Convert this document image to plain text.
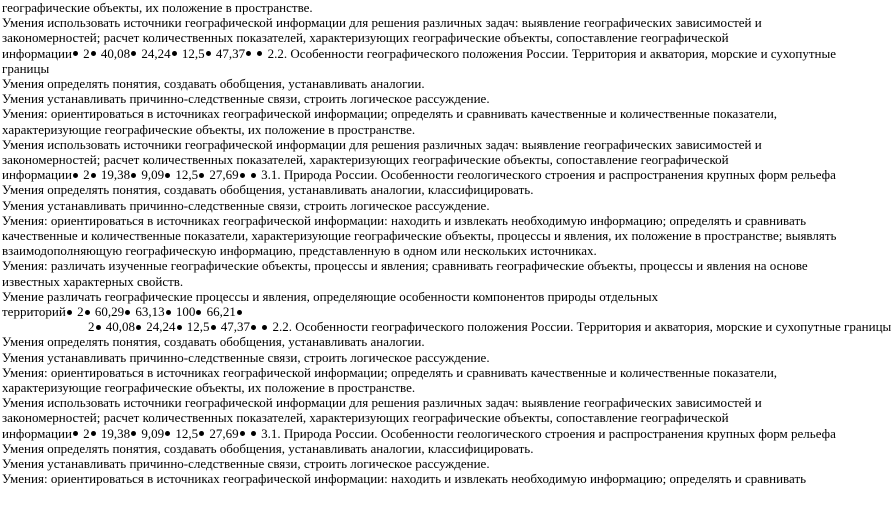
географические объекты, их положение в пространстве.
Умения использовать источники географической информации для решения различных задач: выявление географических зависимостей и
закономерностей; расчет количественных показателей, характеризующих географические объекты, сопоставление географической
информации 2 40,08 24,24 12,5 47,37  2.2. Особенности географического положения России. Территория и акватория, морские и сухопутные
границы
Умения определять понятия, создавать обобщения, устанавливать аналогии.
Умения устанавливать причинно-следственные связи, строить логическое рассуждение.
Умения: ориентироваться в источниках географической информации; определять и сравнивать качественные и количественные показатели,
характеризующие географические объекты, их положение в пространстве.
Умения использовать источники географической информации для решения различных задач: выявление географических зависимостей и
закономерностей; расчет количественных показателей, характеризующих географические объекты, сопоставление географической
информации 2 19,38 9,09 12,5 27,69  3.1. Природа России. Особенности геологического строения и распространения крупных форм рельефа
Умения определять понятия, создавать обобщения, устанавливать аналогии, классифицировать.
Умения устанавливать причинно-следственные связи, строить логическое рассуждение.
Умения: ориентироваться в источниках географической информации: находить и извлекать необходимую информацию; определять и сравнивать
качественные и количественные показатели, характеризующие географические объекты, процессы и явления, их положение в пространстве; выявлять
взаимодополняющую географическую информацию, представленную в одном или нескольких источниках.
Умения: различать изученные географические объекты, процессы и явления; сравнивать географические объекты, процессы и явления на основе
известных характерных свойств.
Умение различать географические процессы и явления, определяющие особенности компонентов природы отдельных
территорий 2 60,29 63,13 100 66,21
2 40,08 24,24 12,5 47,37  2.2. Особенности географического положения России. Территория и акватория, морские и сухопутные границы
Умения определять понятия, создавать обобщения, устанавливать аналогии.
Умения устанавливать причинно-следственные связи, строить логическое рассуждение.
Умения: ориентироваться в источниках географической информации; определять и сравнивать качественные и количественные показатели,
характеризующие географические объекты, их положение в пространстве.
Умения использовать источники географической информации для решения различных задач: выявление географических зависимостей и
закономерностей; расчет количественных показателей, характеризующих географические объекты, сопоставление географической
информации 2 19,38 9,09 12,5 27,69  3.1. Природа России. Особенности геологического строения и распространения крупных форм рельефа
Умения определять понятия, создавать обобщения, устанавливать аналогии, классифицировать.
Умения устанавливать причинно-следственные связи, строить логическое рассуждение.
Умения: ориентироваться в источниках географической информации: находить и извлекать необходимую информацию; определять и сравнивать
